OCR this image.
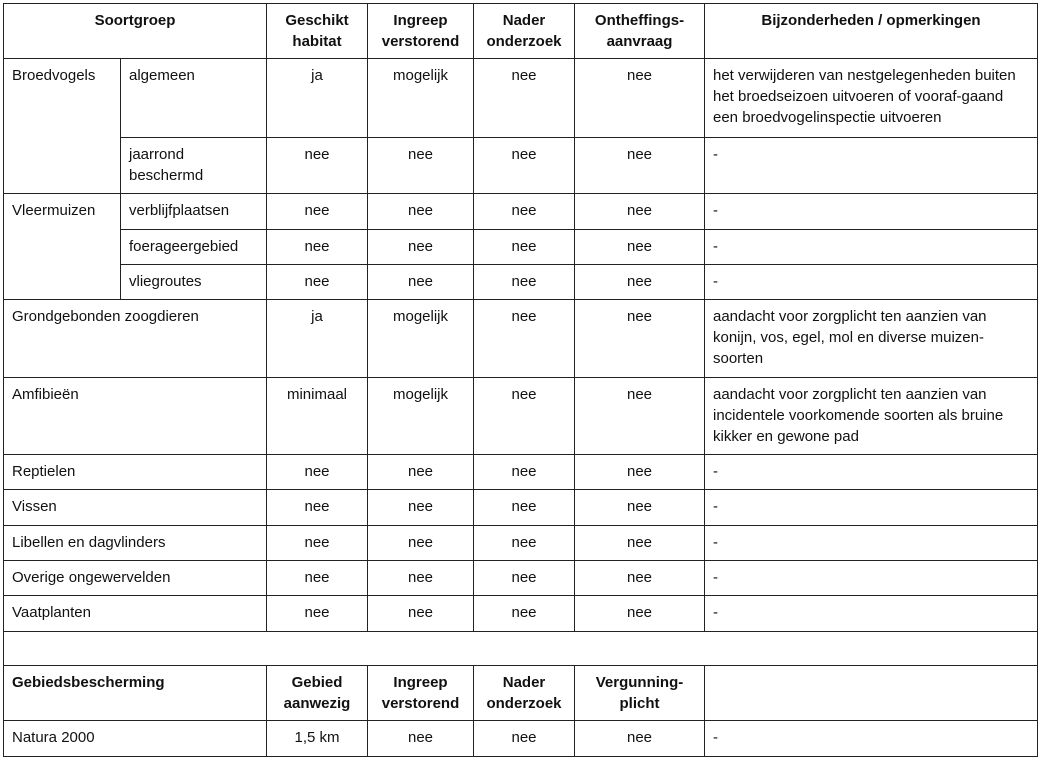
Soortgroep		Geschikt habitat	Ingreep verstorend	Nader onderzoek	Ontheffings-aanvraag	Bijzonderheden / opmerkingen
Broedvogels	algemeen	ja	mogelijk	nee	nee	het verwijderen van nestgelegenheden buiten het broedseizoen uitvoeren of vooraf-gaand een broedvogelinspectie uitvoeren
	jaarrond beschermd	nee	nee	nee	nee	-
Vleermuizen	verblijfplaatsen	nee	nee	nee	nee	-
	foerageergebied	nee	nee	nee	nee	-
	vliegroutes	nee	nee	nee	nee	-
Grondgebonden zoogdieren		ja	mogelijk	nee	nee	aandacht voor zorgplicht ten aanzien van konijn, vos, egel, mol en diverse muizen-soorten
Amfibieën		minimaal	mogelijk	nee	nee	aandacht voor zorgplicht ten aanzien van incidentele voorkomende soorten als bruine kikker en gewone pad
Reptielen		nee	nee	nee	nee	-
Vissen		nee	nee	nee	nee	-
Libellen en dagvlinders		nee	nee	nee	nee	-
Overige ongewervelden		nee	nee	nee	nee	-
Vaatplanten		nee	nee	nee	nee	-

Gebiedsbescherming		Gebied aanwezig	Ingreep verstorend	Nader onderzoek	Vergunning-plicht	
Natura 2000		1,5 km	nee	nee	nee	-
